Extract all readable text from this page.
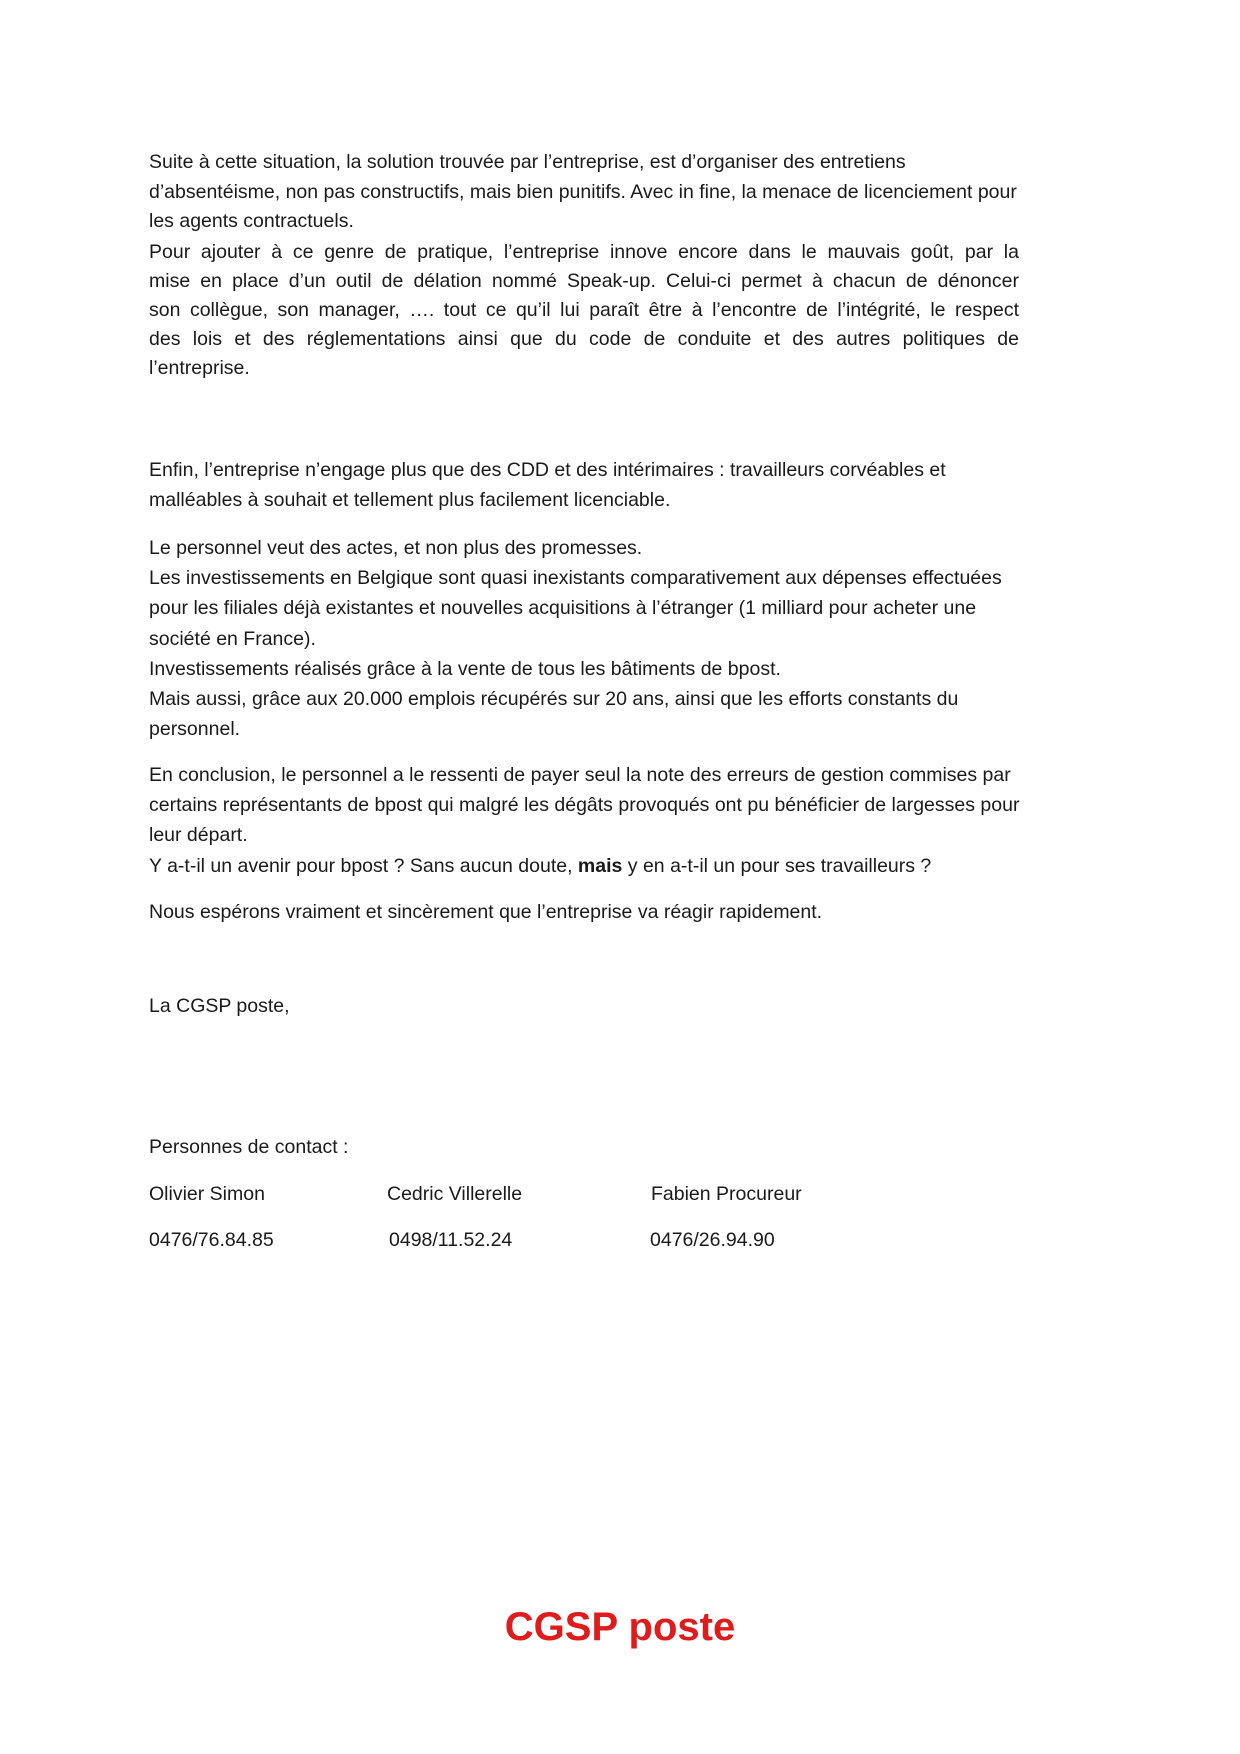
Suite à cette situation, la solution trouvée par l’entreprise, est d’organiser des entretiens
d’absentéisme, non pas constructifs, mais bien punitifs. Avec in fine, la menace de licenciement pour
les agents contractuels.
Pour ajouter à ce genre de pratique, l’entreprise innove encore dans le mauvais goût, par la
mise en place d’un outil de délation nommé Speak-up. Celui-ci permet à chacun de dénoncer
son collègue, son manager, …. tout ce qu’il lui paraît être à l’encontre de l’intégrité, le respect
des lois et des réglementations ainsi que du code de conduite et des autres politiques de
l’entreprise.
Enfin, l’entreprise n’engage plus que des CDD et des intérimaires : travailleurs corvéables et
malléables à souhait et tellement plus facilement licenciable.
Le personnel veut des actes, et non plus des promesses.
Les investissements en Belgique sont quasi inexistants comparativement aux dépenses effectuées
pour les filiales déjà existantes et nouvelles acquisitions à l’étranger (1 milliard pour acheter une
société en France).
Investissements réalisés grâce à la vente de tous les bâtiments de bpost.
Mais aussi, grâce aux 20.000 emplois récupérés sur 20 ans, ainsi que les efforts constants du
personnel.
En conclusion, le personnel a le ressenti de payer seul la note des erreurs de gestion commises par
certains représentants de bpost qui malgré les dégâts provoqués ont pu bénéficier de largesses pour
leur départ.
Y a-t-il un avenir pour bpost ? Sans aucun doute, mais y en a-t-il un pour ses travailleurs ?
Nous espérons vraiment et sincèrement que l’entreprise va réagir rapidement.
La CGSP poste,
Personnes de contact :
Olivier Simon	Cedric Villerelle	Fabien Procureur
0476/76.84.85	0498/11.52.24	0476/26.94.90
CGSP poste
